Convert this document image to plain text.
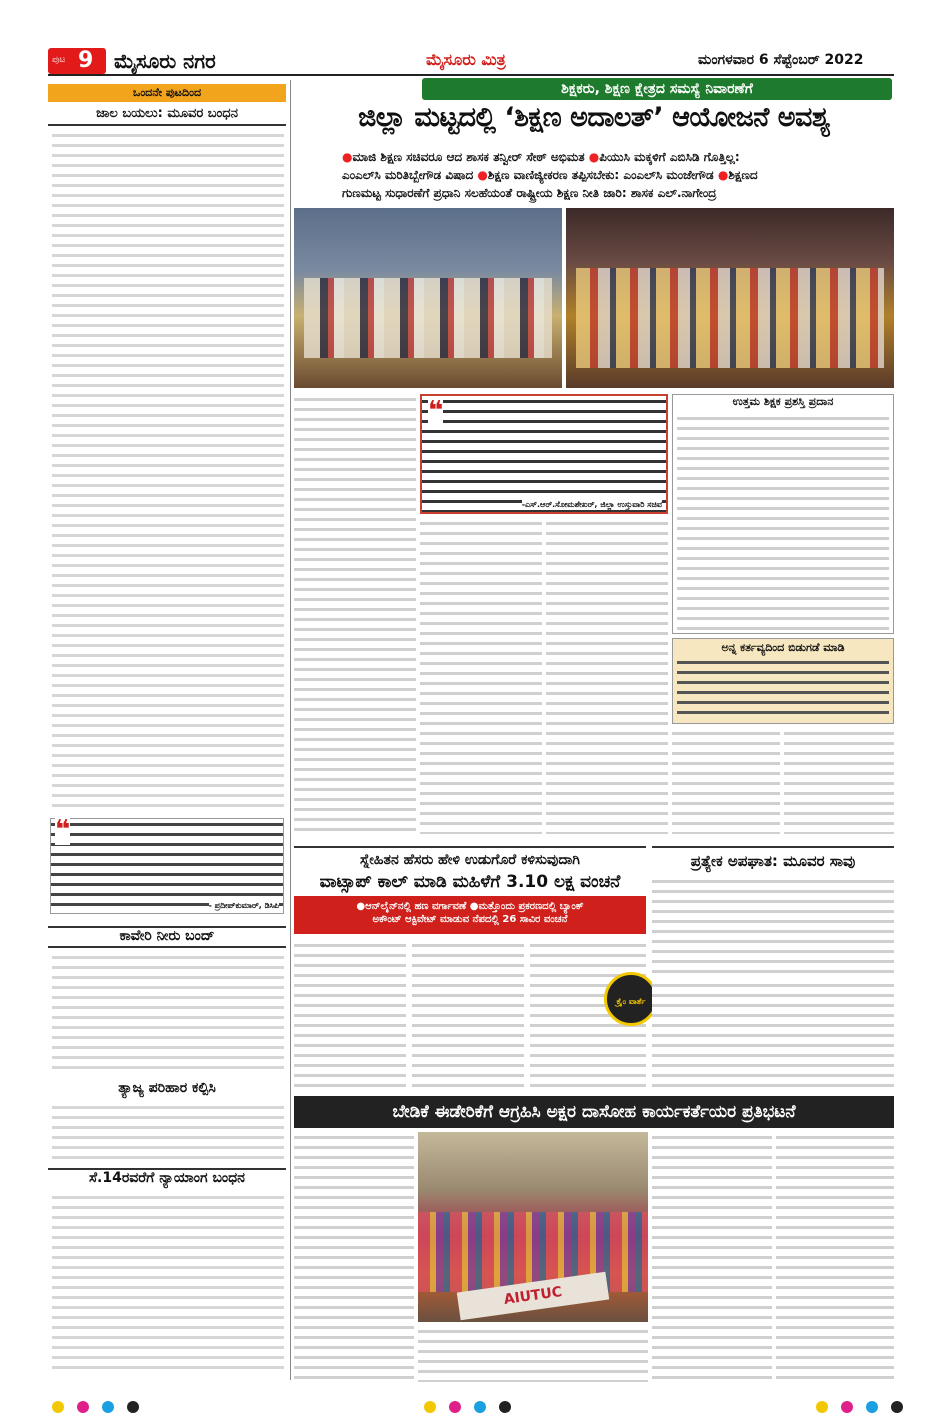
ಪುಟ 9 ಮೈಸೂರು ನಗರ	ಮೈಸೂರು ಮಿತ್ರ	ಮಂಗಳವಾರ 6 ಸೆಪ್ಟೆಂಬರ್ 2022
ಒಂದನೇ ಪುಟದಿಂದ
ಜಾಲ ಬಯಲು: ಮೂವರ ಬಂಧನ
❝
- ಪ್ರದೀಪ್‌ಕುಮಾರ್, ಡಿಸಿಪಿ
ಕಾವೇರಿ ನೀರು ಬಂದ್
ತ್ಯಾಜ್ಯ ಪರಿಹಾರ ಕಲ್ಪಿಸಿ
ಸೆ.14ರವರೆಗೆ ನ್ಯಾಯಾಂಗ ಬಂಧನ
ಶಿಕ್ಷಕರು, ಶಿಕ್ಷಣ ಕ್ಷೇತ್ರದ ಸಮಸ್ಯೆ ನಿವಾರಣೆಗೆ
ಜಿಲ್ಲಾ ಮಟ್ಟದಲ್ಲಿ ‘ಶಿಕ್ಷಣ ಅದಾಲತ್’ ಆಯೋಜನೆ ಅವಶ್ಯ
●ಮಾಜಿ ಶಿಕ್ಷಣ ಸಚಿವರೂ ಆದ ಶಾಸಕ ತನ್ವೀರ್ ಸೇಠ್ ಅಭಿಮತ ●ಪಿಯುಸಿ ಮಕ್ಕಳಿಗೆ ಎಬಿಸಿಡಿ ಗೊತ್ತಿಲ್ಲ:
ಎಂಎಲ್‌ಸಿ ಮರಿತಿಬ್ಬೇಗೌಡ ವಿಷಾದ ●ಶಿಕ್ಷಣ ವಾಣಿಜ್ಯೀಕರಣ ತಪ್ಪಿಸಬೇಕು: ಎಂಎಲ್‌ಸಿ ಮಂಜೇಗೌಡ ●ಶಿಕ್ಷಣದ
ಗುಣಮಟ್ಟ ಸುಧಾರಣೆಗೆ ಪ್ರಧಾನಿ ಸಲಹೆಯಂತೆ ರಾಷ್ಟ್ರೀಯ ಶಿಕ್ಷಣ ನೀತಿ ಜಾರಿ: ಶಾಸಕ ಎಲ್.ನಾಗೇಂದ್ರ
❝
-ಎಸ್.ಆರ್.ಸೋಮಶೇಖರ್, ಜಿಲ್ಲಾ ಉಸ್ತುವಾರಿ ಸಚಿವ
ಉತ್ತಮ ಶಿಕ್ಷಕ ಪ್ರಶಸ್ತಿ ಪ್ರದಾನ
ಅನ್ನ ಕರ್ತವ್ಯದಿಂದ ಬಿಡುಗಡೆ ಮಾಡಿ
ಸ್ನೇಹಿತನ ಹೆಸರು ಹೇಳಿ ಉಡುಗೊರೆ ಕಳಿಸುವುದಾಗಿ
ವಾಟ್ಸಾಪ್ ಕಾಲ್ ಮಾಡಿ ಮಹಿಳೆಗೆ 3.10 ಲಕ್ಷ ವಂಚನೆ
●ಆನ್‌ಲೈನ್‌ನಲ್ಲಿ ಹಣ ವರ್ಗಾವಣೆ ●ಮತ್ತೊಂದು ಪ್ರಕರಣದಲ್ಲಿ ಬ್ಯಾಂಕ್
ಅಕೌಂಟ್ ಆಕ್ಟಿವೇಟ್ ಮಾಡುವ ನೆಪದಲ್ಲಿ 26 ಸಾವಿರ ವಂಚನೆ
ಕ್ರೈಂ ವಾರ್ತೆ
ಪ್ರತ್ಯೇಕ ಅಪಘಾತ: ಮೂವರ ಸಾವು
ಬೇಡಿಕೆ ಈಡೇರಿಕೆಗೆ ಆಗ್ರಹಿಸಿ ಅಕ್ಷರ ದಾಸೋಹ ಕಾರ್ಯಕರ್ತೆಯರ ಪ್ರತಿಭಟನೆ
AIUTUC
